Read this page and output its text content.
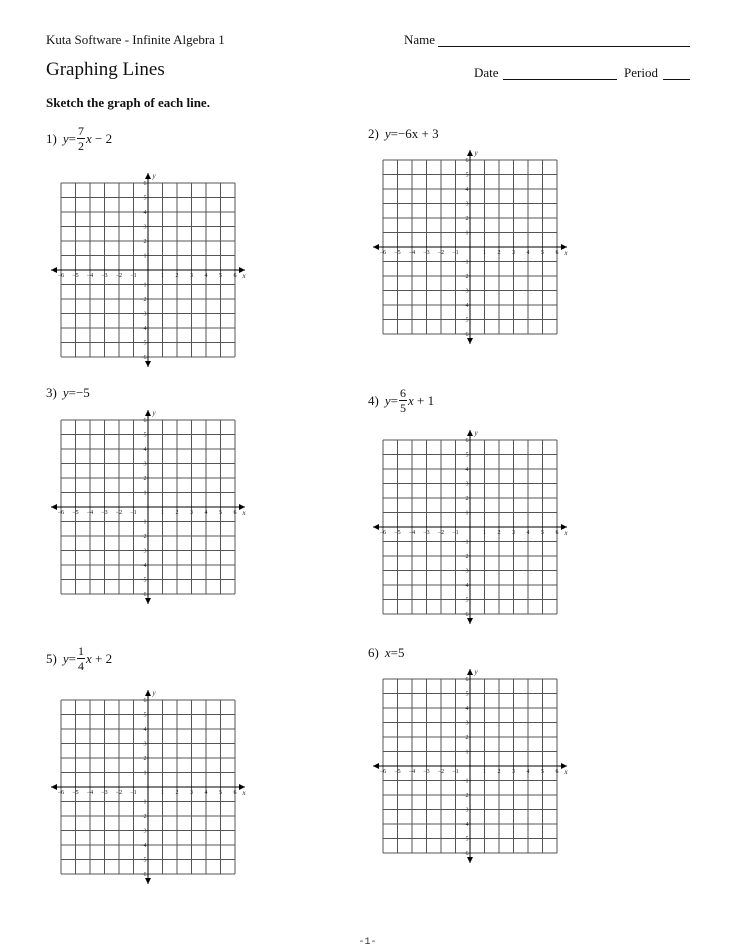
Kuta Software - Infinite Algebra 1	Name
Graphing Lines	Date	Period
Sketch the graph of each line.
1) $y = \frac{7}{2}$ x − 2	2) y = −6x + 3
3) y = −5	4) $y = \frac{6}{5}$ x + 1
5) $y = \frac{1}{4}$ x + 2	6) x = 5
−6 −5 −4 −3 −2 −1	1 2 3 4 5 6
6
5
4
3
2
1
−1
−2
−3
−4
−5
−6
x
y
−6 −5 −4 −3 −2 −1	1 2 3 4 5 6
6
5
4
3
2
1
−1
−2
−3
−4
−5
−6
x
y
−6 −5 −4 −3 −2 −1	1 2 3 4 5 6
6
5
4
3
2
1
−1
−2
−3
−4
−5
−6
x
y
−6 −5 −4 −3 −2 −1	1 2 3 4 5 6
6
5
4
3
2
1
−1
−2
−3
−4
−5
−6
x
y
−6 −5 −4 −3 −2 −1	1 2 3 4 5 6
6
5
4
3
2
1
−1
−2
−3
−4
−5
−6
x
y
−6 −5 −4 −3 −2 −1	1 2 3 4 5 6
6
5
4
3
2
1
−1
−2
−3
−4
−5
−6
x
y
-1-
